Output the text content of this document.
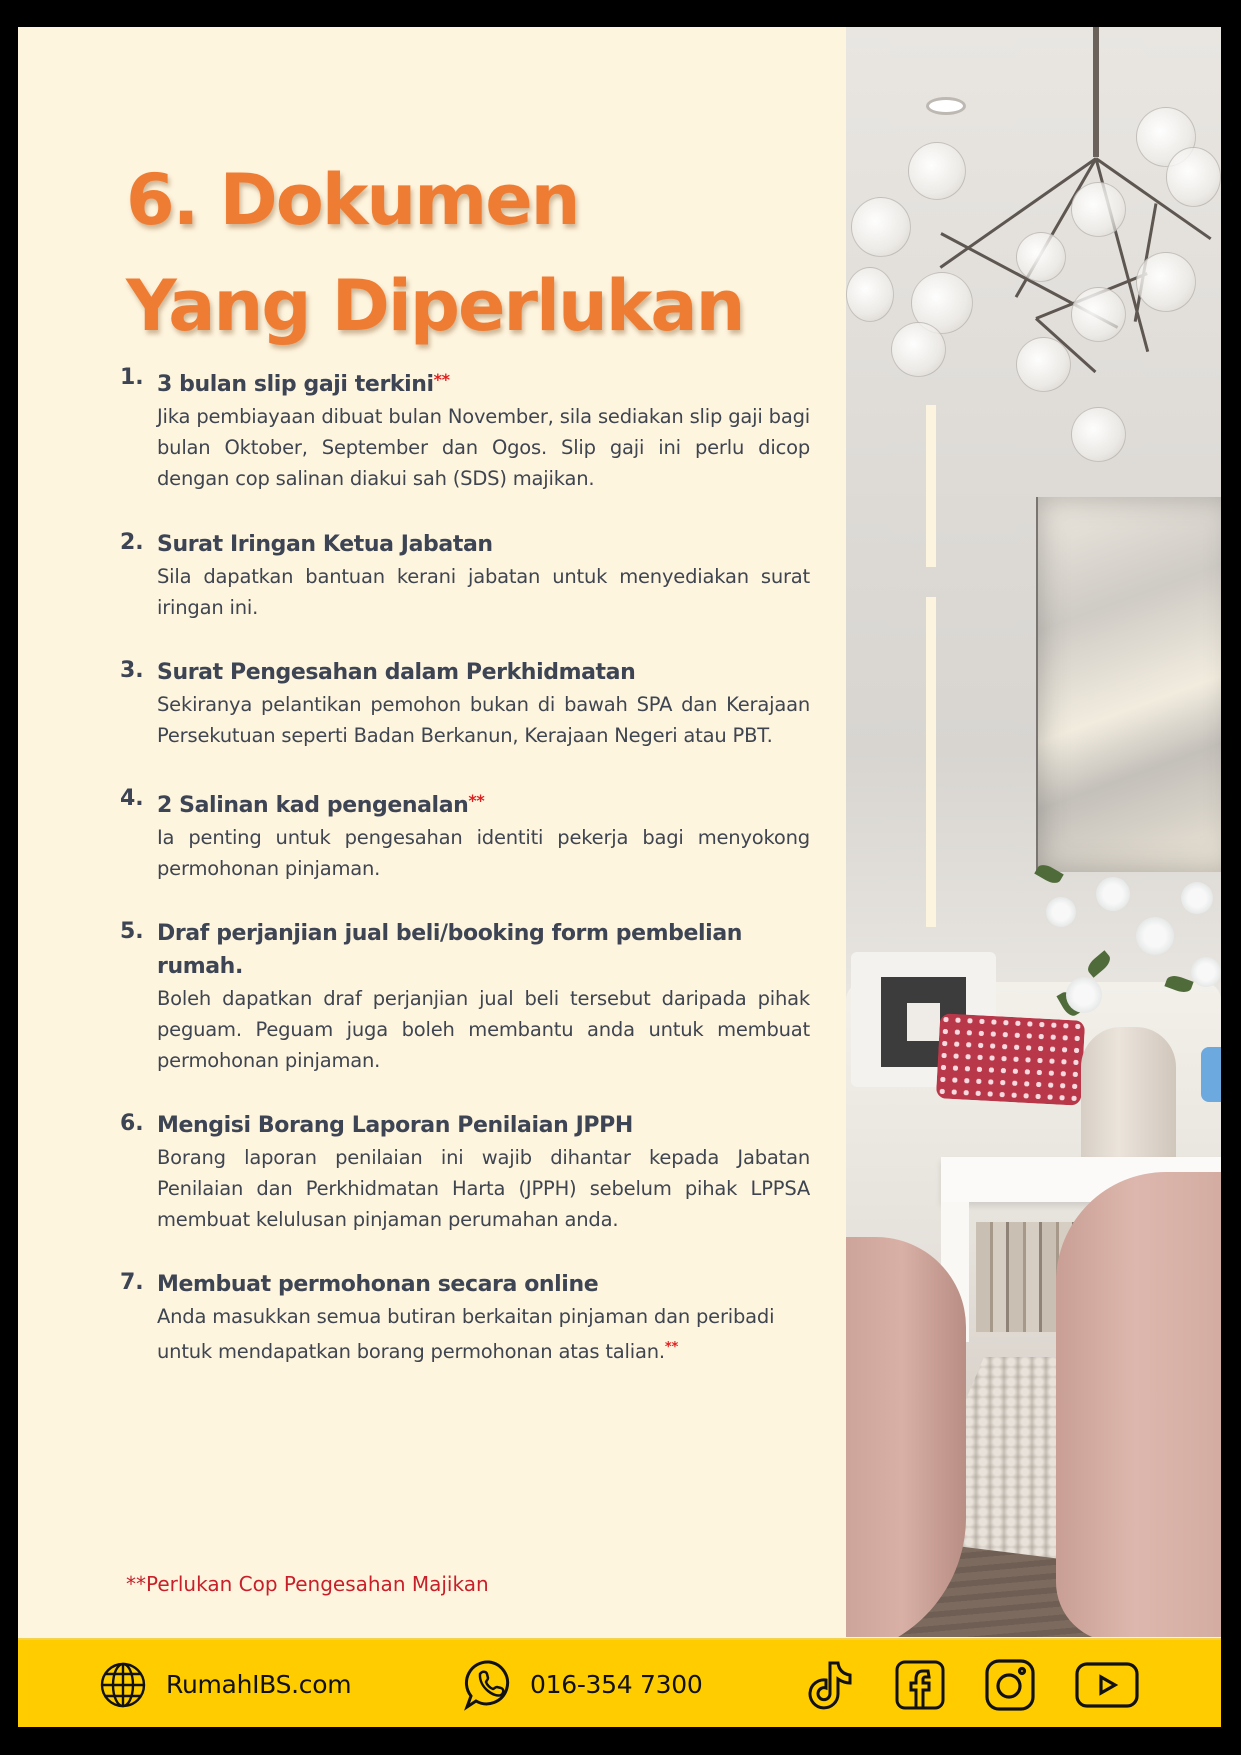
6. Dokumen
Yang Diperlukan
1. 3 bulan slip gaji terkini**
Jika pembiayaan dibuat bulan November, sila sediakan slip gaji bagi bulan Oktober, September dan Ogos. Slip gaji ini perlu dicop dengan cop salinan diakui sah (SDS) majikan.
2. Surat Iringan Ketua Jabatan
Sila dapatkan bantuan kerani jabatan untuk menyediakan surat iringan ini.
3. Surat Pengesahan dalam Perkhidmatan
Sekiranya pelantikan pemohon bukan di bawah SPA dan Kerajaan Persekutuan seperti Badan Berkanun, Kerajaan Negeri atau PBT.
4. 2 Salinan kad pengenalan**
Ia penting untuk pengesahan identiti pekerja bagi menyokong permohonan pinjaman.
5. Draf perjanjian jual beli/booking form pembelian rumah.
Boleh dapatkan draf perjanjian jual beli tersebut daripada pihak peguam. Peguam juga boleh membantu anda untuk membuat permohonan pinjaman.
6. Mengisi Borang Laporan Penilaian JPPH
Borang laporan penilaian ini wajib dihantar kepada Jabatan Penilaian dan Perkhidmatan Harta (JPPH) sebelum pihak LPPSA membuat kelulusan pinjaman perumahan anda.
7. Membuat permohonan secara online
Anda masukkan semua butiran berkaitan pinjaman dan peribadi untuk mendapatkan borang permohonan atas talian.**
**Perlukan Cop Pengesahan Majikan
RumahIBS.com	016-354 7300
